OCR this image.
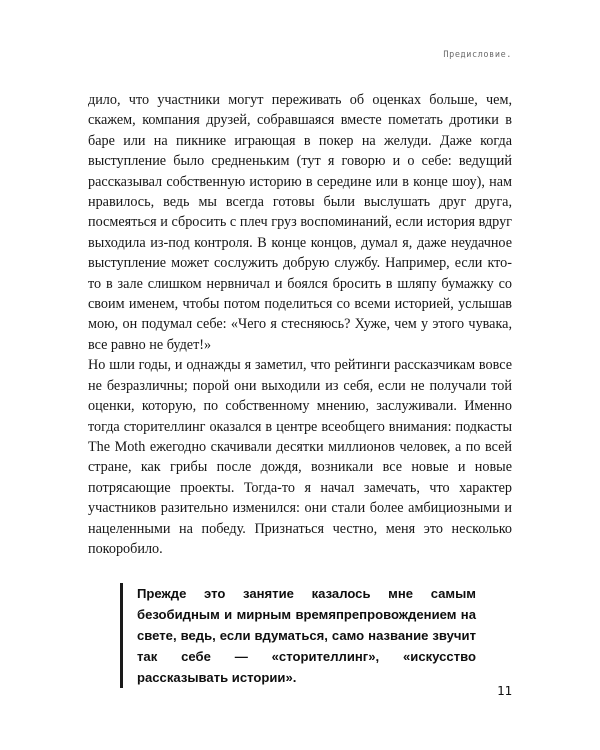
Предисловие.

дило, что участники могут переживать об оценках больше, чем, скажем, компания друзей, собравшаяся вместе пометать дротики в баре или на пикнике играющая в покер на желуди. Даже когда выступление было средненьким (тут я говорю и о себе: ведущий рассказывал собственную историю в середине или в конце шоу), нам нравилось, ведь мы всегда готовы были выслушать друг друга, посмеяться и сбросить с плеч груз воспоминаний, если история вдруг выходила из-под контроля. В конце концов, думал я, даже неудачное выступление может сослужить добрую службу. Например, если кто-то в зале слишком нервничал и боялся бросить в шляпу бумажку со своим именем, чтобы потом поделиться со всеми историей, услышав мою, он подумал себе: «Чего я стесняюсь? Хуже, чем у этого чувака, все равно не будет!»

Но шли годы, и однажды я заметил, что рейтинги рассказчикам вовсе не безразличны; порой они выходили из себя, если не получали той оценки, которую, по собственному мнению, заслуживали. Именно тогда сторителлинг оказался в центре всеобщего внимания: подкасты The Moth ежегодно скачивали десятки миллионов человек, а по всей стране, как грибы после дождя, возникали все новые и новые потрясающие проекты. Тогда-то я начал замечать, что характер участников разительно изменился: они стали более амбициозными и нацеленными на победу. Признаться честно, меня это несколько покоробило.

Прежде это занятие казалось мне самым безобидным и мирным времяпрепровождением на свете, ведь, если вдуматься, само название звучит так себе — «сторителлинг», «искусство рассказывать истории».
11
